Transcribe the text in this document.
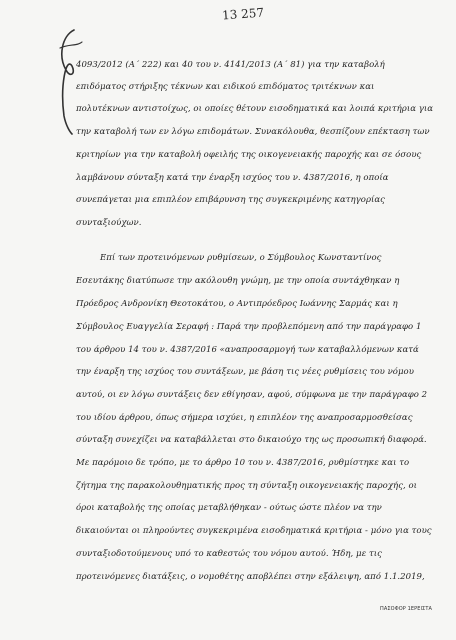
13 257
4093/2012 (Α΄ 222) και 40 του ν. 4141/2013 (Α΄ 81) για την καταβολή
επιδόματος στήριξης τέκνων και ειδικού επιδόματος τριτέκνων και
πολυτέκνων αντιστοίχως, οι οποίες θέτουν εισοδηματικά και λοιπά κριτήρια για
την καταβολή των εν λόγω επιδομάτων. Συνακόλουθα, θεσπίζουν επέκταση των
κριτηρίων για την καταβολή οφειλής της οικογενειακής παροχής και σε όσους
λαμβάνουν σύνταξη κατά την έναρξη ισχύος του ν. 4387/2016, η οποία
συνεπάγεται μια επιπλέον επιβάρυνση της συγκεκριμένης κατηγορίας
συνταξιούχων.
Επί των προτεινόμενων ρυθμίσεων, ο Σύμβουλος Κωνσταντίνος
Εσευτάκης διατύπωσε την ακόλουθη γνώμη, με την οποία συντάχθηκαν η
Πρόεδρος Ανδρονίκη Θεοτοκάτου, ο Αντιπρόεδρος Ιωάννης Σαρμάς και η
Σύμβουλος Ευαγγελία Σεραφή : Παρά την προβλεπόμενη από την παράγραφο 1
του άρθρου 14 του ν. 4387/2016 «αναπροσαρμογή των καταβαλλόμενων κατά
την έναρξη της ισχύος του συντάξεων, με βάση τις νέες ρυθμίσεις του νόμου
αυτού, οι εν λόγω συντάξεις δεν εθίγησαν, αφού, σύμφωνα με την παράγραφο 2
του ιδίου άρθρου, όπως σήμερα ισχύει, η επιπλέον της αναπροσαρμοσθείσας
σύνταξη συνεχίζει να καταβάλλεται στο δικαιούχο της ως προσωπική διαφορά.
Με παρόμοιο δε τρόπο, με το άρθρο 10 του ν. 4387/2016, ρυθμίστηκε και το
ζήτημα της παρακολουθηματικής προς τη σύνταξη οικογενειακής παροχής, οι
όροι καταβολής της οποίας μεταβλήθηκαν - ούτως ώστε πλέον να την
δικαιούνται οι πληρούντες συγκεκριμένα εισοδηματικά κριτήρια - μόνο για τους
συνταξιοδοτούμενους υπό το καθεστώς του νόμου αυτού. Ήδη, με τις
προτεινόμενες διατάξεις, ο νομοθέτης αποβλέπει στην εξάλειψη, από 1.1.2019,
ΠΑΣΟΦΟΡ 1ΕΡΕΙΣΤΑ
